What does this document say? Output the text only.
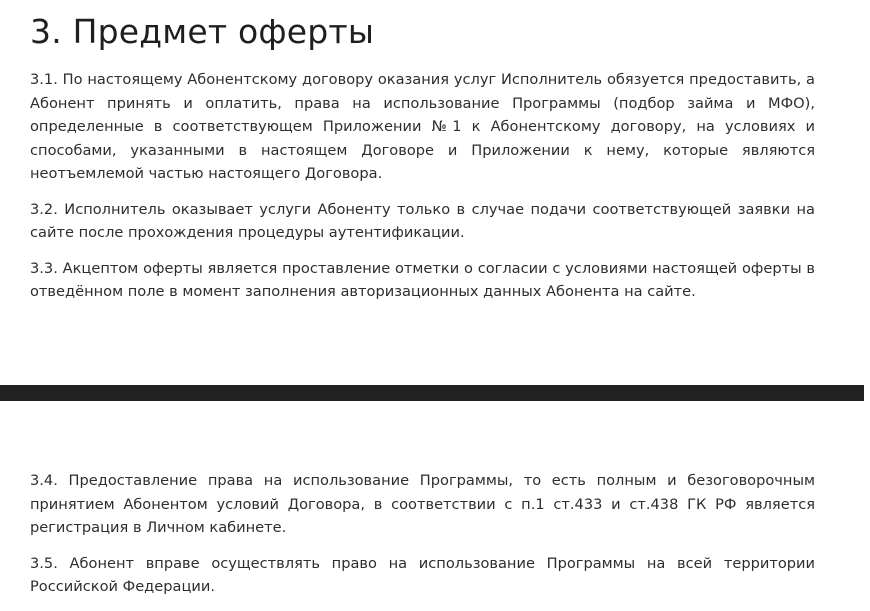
3. Предмет оферты

3.1. По настоящему Абонентскому договору оказания услуг Исполнитель обязуется предоставить, а Абонент принять и оплатить, права на использование Программы (подбор займа и МФО), определенные в соответствующем Приложении №1 к Абонентскому договору, на условиях и способами, указанными в настоящем Договоре и Приложении к нему, которые являются неотъемлемой частью настоящего Договора.

3.2. Исполнитель оказывает услуги Абоненту только в случае подачи соответствующей заявки на сайте после прохождения процедуры аутентификации.

3.3. Акцептом оферты является проставление отметки о согласии с условиями настоящей оферты в отведённом поле в момент заполнения авторизационных данных Абонента на сайте.

3.4. Предоставление права на использование Программы, то есть полным и безоговорочным принятием Абонентом условий Договора, в соответствии с п.1 ст.433 и ст.438 ГК РФ является регистрация в Личном кабинете.

3.5. Абонент вправе осуществлять право на использование Программы на всей территории Российской Федерации.
